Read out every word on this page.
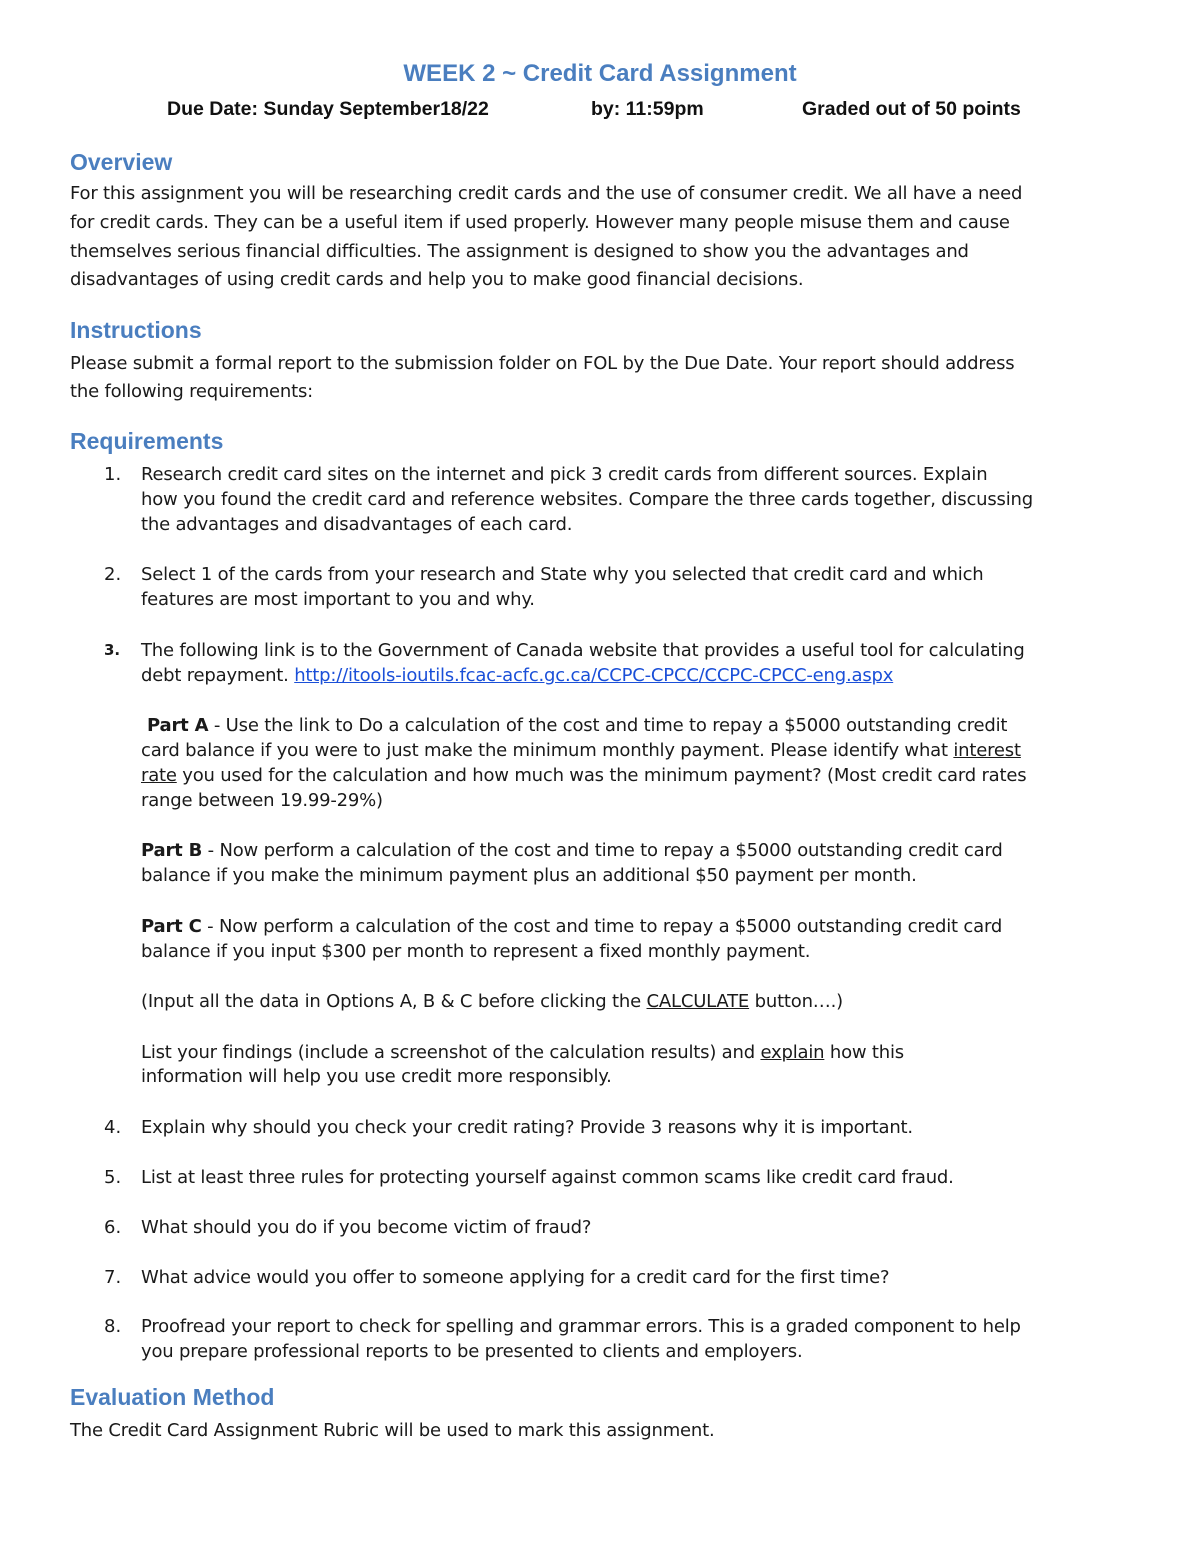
WEEK 2 ~ Credit Card Assignment
Due Date: Sunday September18/22	by: 11:59pm	Graded out of 50 points
Overview
For this assignment you will be researching credit cards and the use of consumer credit. We all have a need
for credit cards. They can be a useful item if used properly. However many people misuse them and cause
themselves serious financial difficulties. The assignment is designed to show you the advantages and
disadvantages of using credit cards and help you to make good financial decisions.
Instructions
Please submit a formal report to the submission folder on FOL by the Due Date. Your report should address
the following requirements:
Requirements
1. Research credit card sites on the internet and pick 3 credit cards from different sources. Explain
how you found the credit card and reference websites. Compare the three cards together, discussing
the advantages and disadvantages of each card.
2. Select 1 of the cards from your research and State why you selected that credit card and which
features are most important to you and why.
3. The following link is to the Government of Canada website that provides a useful tool for calculating
debt repayment. http://itools-ioutils.fcac-acfc.gc.ca/CCPC-CPCC/CCPC-CPCC-eng.aspx
Part A - Use the link to Do a calculation of the cost and time to repay a $5000 outstanding credit
card balance if you were to just make the minimum monthly payment. Please identify what interest
rate you used for the calculation and how much was the minimum payment? (Most credit card rates
range between 19.99-29%)
Part B - Now perform a calculation of the cost and time to repay a $5000 outstanding credit card
balance if you make the minimum payment plus an additional $50 payment per month.
Part C - Now perform a calculation of the cost and time to repay a $5000 outstanding credit card
balance if you input $300 per month to represent a fixed monthly payment.
(Input all the data in Options A, B & C before clicking the CALCULATE button….)
List your findings (include a screenshot of the calculation results) and explain how this
information will help you use credit more responsibly.
4. Explain why should you check your credit rating? Provide 3 reasons why it is important.
5. List at least three rules for protecting yourself against common scams like credit card fraud.
6. What should you do if you become victim of fraud?
7. What advice would you offer to someone applying for a credit card for the first time?
8. Proofread your report to check for spelling and grammar errors. This is a graded component to help
you prepare professional reports to be presented to clients and employers.
Evaluation Method
The Credit Card Assignment Rubric will be used to mark this assignment.
